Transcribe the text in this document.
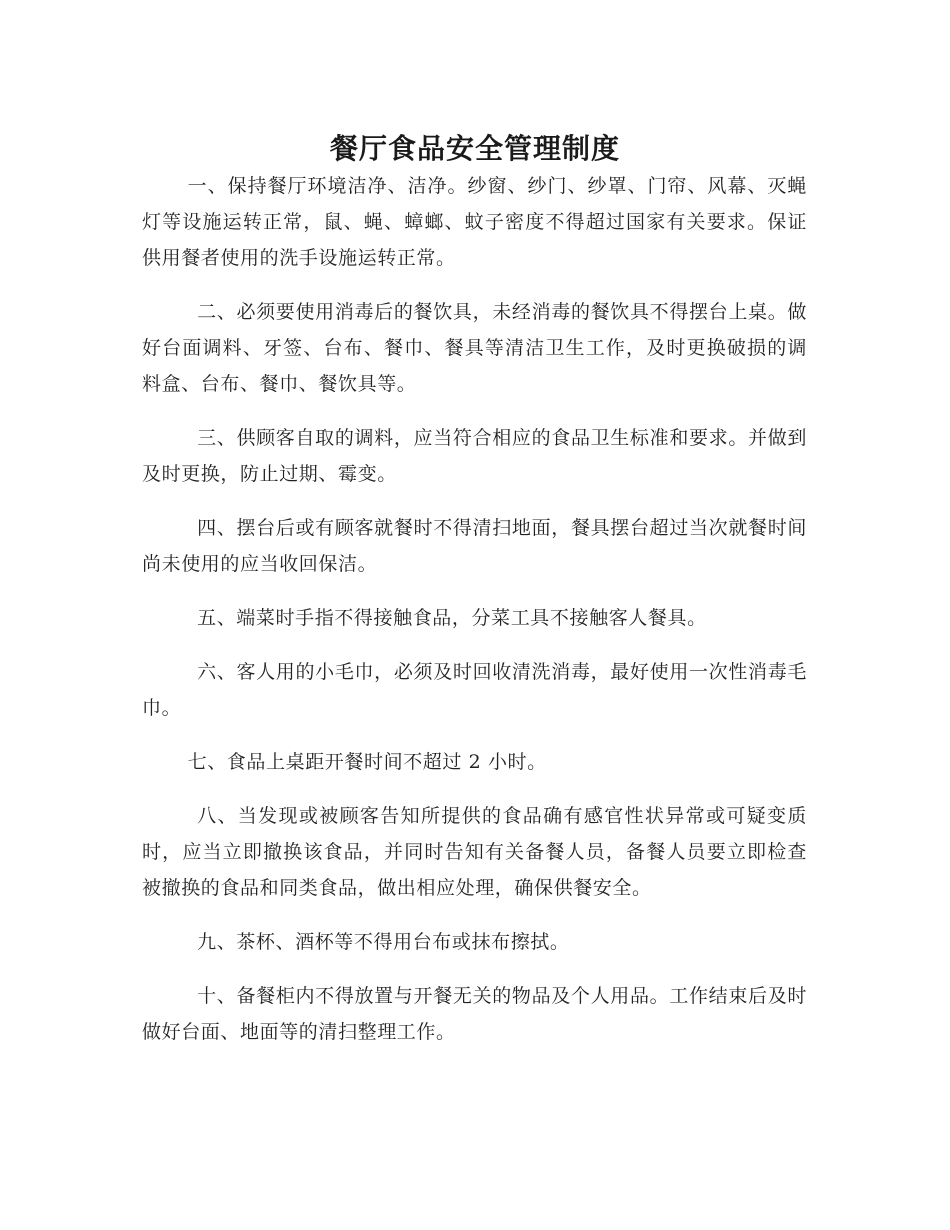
餐厅食品安全管理制度

一、保持餐厅环境洁净、洁净。纱窗、纱门、纱罩、门帘、风幕、灭蝇灯等设施运转正常，鼠、蝇、蟑螂、蚊子密度不得超过国家有关要求。保证供用餐者使用的洗手设施运转正常。

二、必须要使用消毒后的餐饮具，未经消毒的餐饮具不得摆台上桌。做好台面调料、牙签、台布、餐巾、餐具等清洁卫生工作，及时更换破损的调料盒、台布、餐巾、餐饮具等。

三、供顾客自取的调料，应当符合相应的食品卫生标准和要求。并做到及时更换，防止过期、霉变。

四、摆台后或有顾客就餐时不得清扫地面，餐具摆台超过当次就餐时间尚未使用的应当收回保洁。

五、端菜时手指不得接触食品，分菜工具不接触客人餐具。

六、客人用的小毛巾，必须及时回收清洗消毒，最好使用一次性消毒毛巾。

七、食品上桌距开餐时间不超过 2 小时。

八、当发现或被顾客告知所提供的食品确有感官性状异常或可疑变质时，应当立即撤换该食品，并同时告知有关备餐人员，备餐人员要立即检查被撤换的食品和同类食品，做出相应处理，确保供餐安全。

九、茶杯、酒杯等不得用台布或抹布擦拭。

十、备餐柜内不得放置与开餐无关的物品及个人用品。工作结束后及时做好台面、地面等的清扫整理工作。
